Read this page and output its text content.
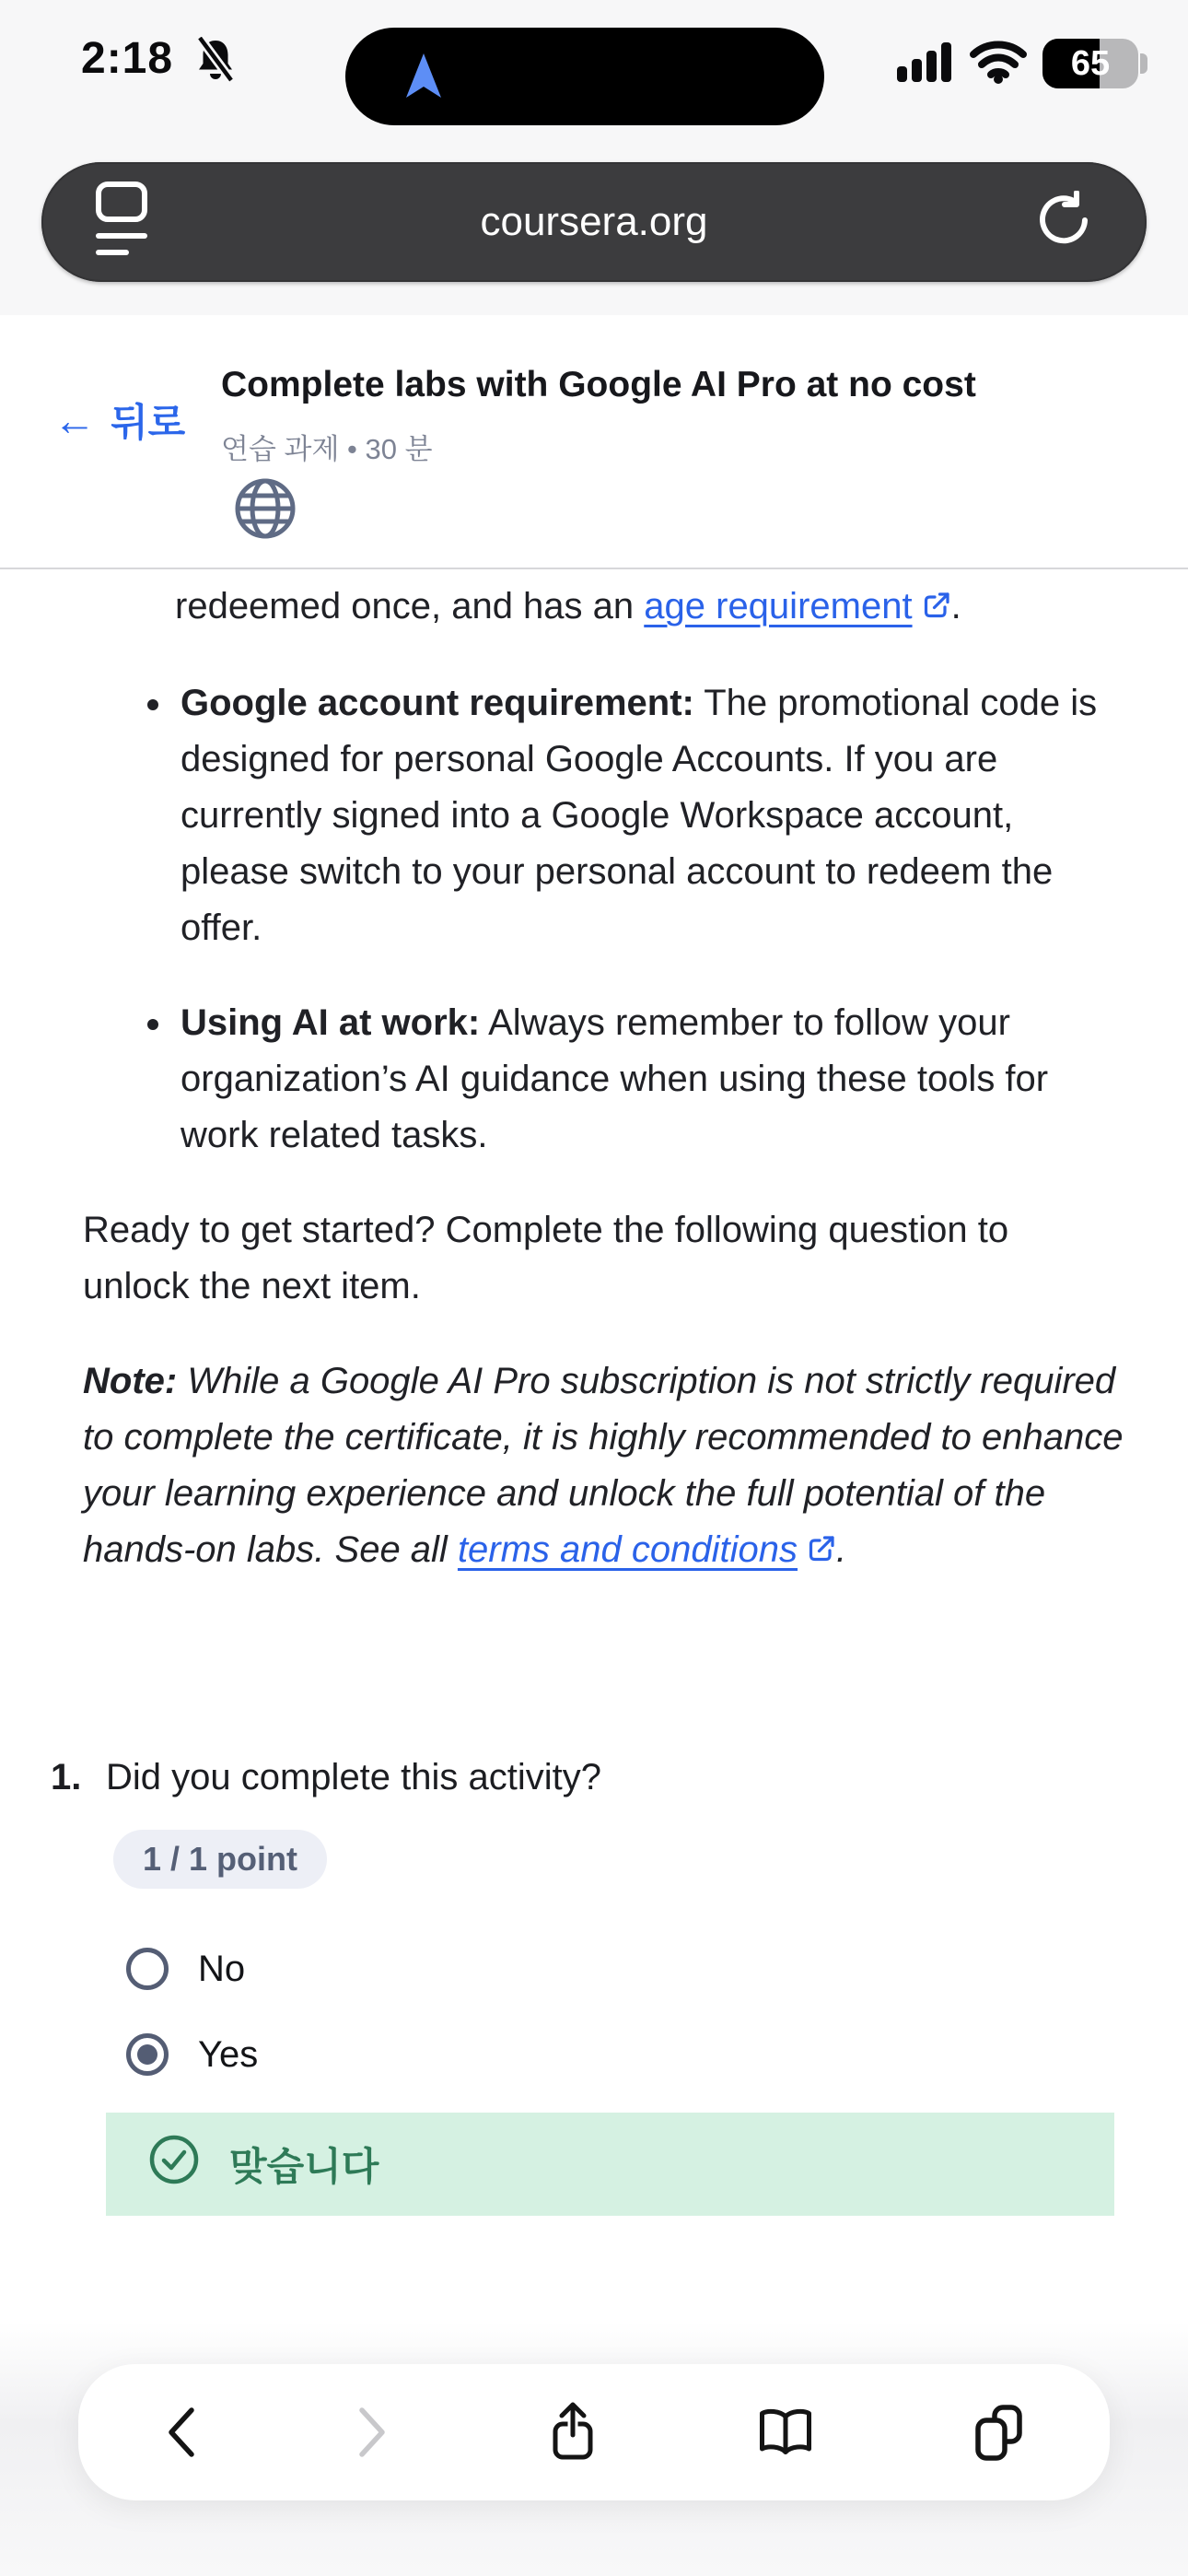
2:18	65
coursera.org
← 뒤로
Complete labs with Google AI Pro at no cost
연습 과제 • 30 분
redeemed once, and has an age requirement .
• Google account requirement: The promotional code is designed for personal Google Accounts. If you are currently signed into a Google Workspace account, please switch to your personal account to redeem the offer.
• Using AI at work: Always remember to follow your organization’s AI guidance when using these tools for work related tasks.

Ready to get started? Complete the following question to unlock the next item.

Note: While a Google AI Pro subscription is not strictly required to complete the certificate, it is highly recommended to enhance your learning experience and unlock the full potential of the hands-on labs. See all terms and conditions .

1. Did you complete this activity?
1 / 1 point
No
Yes
맞습니다
